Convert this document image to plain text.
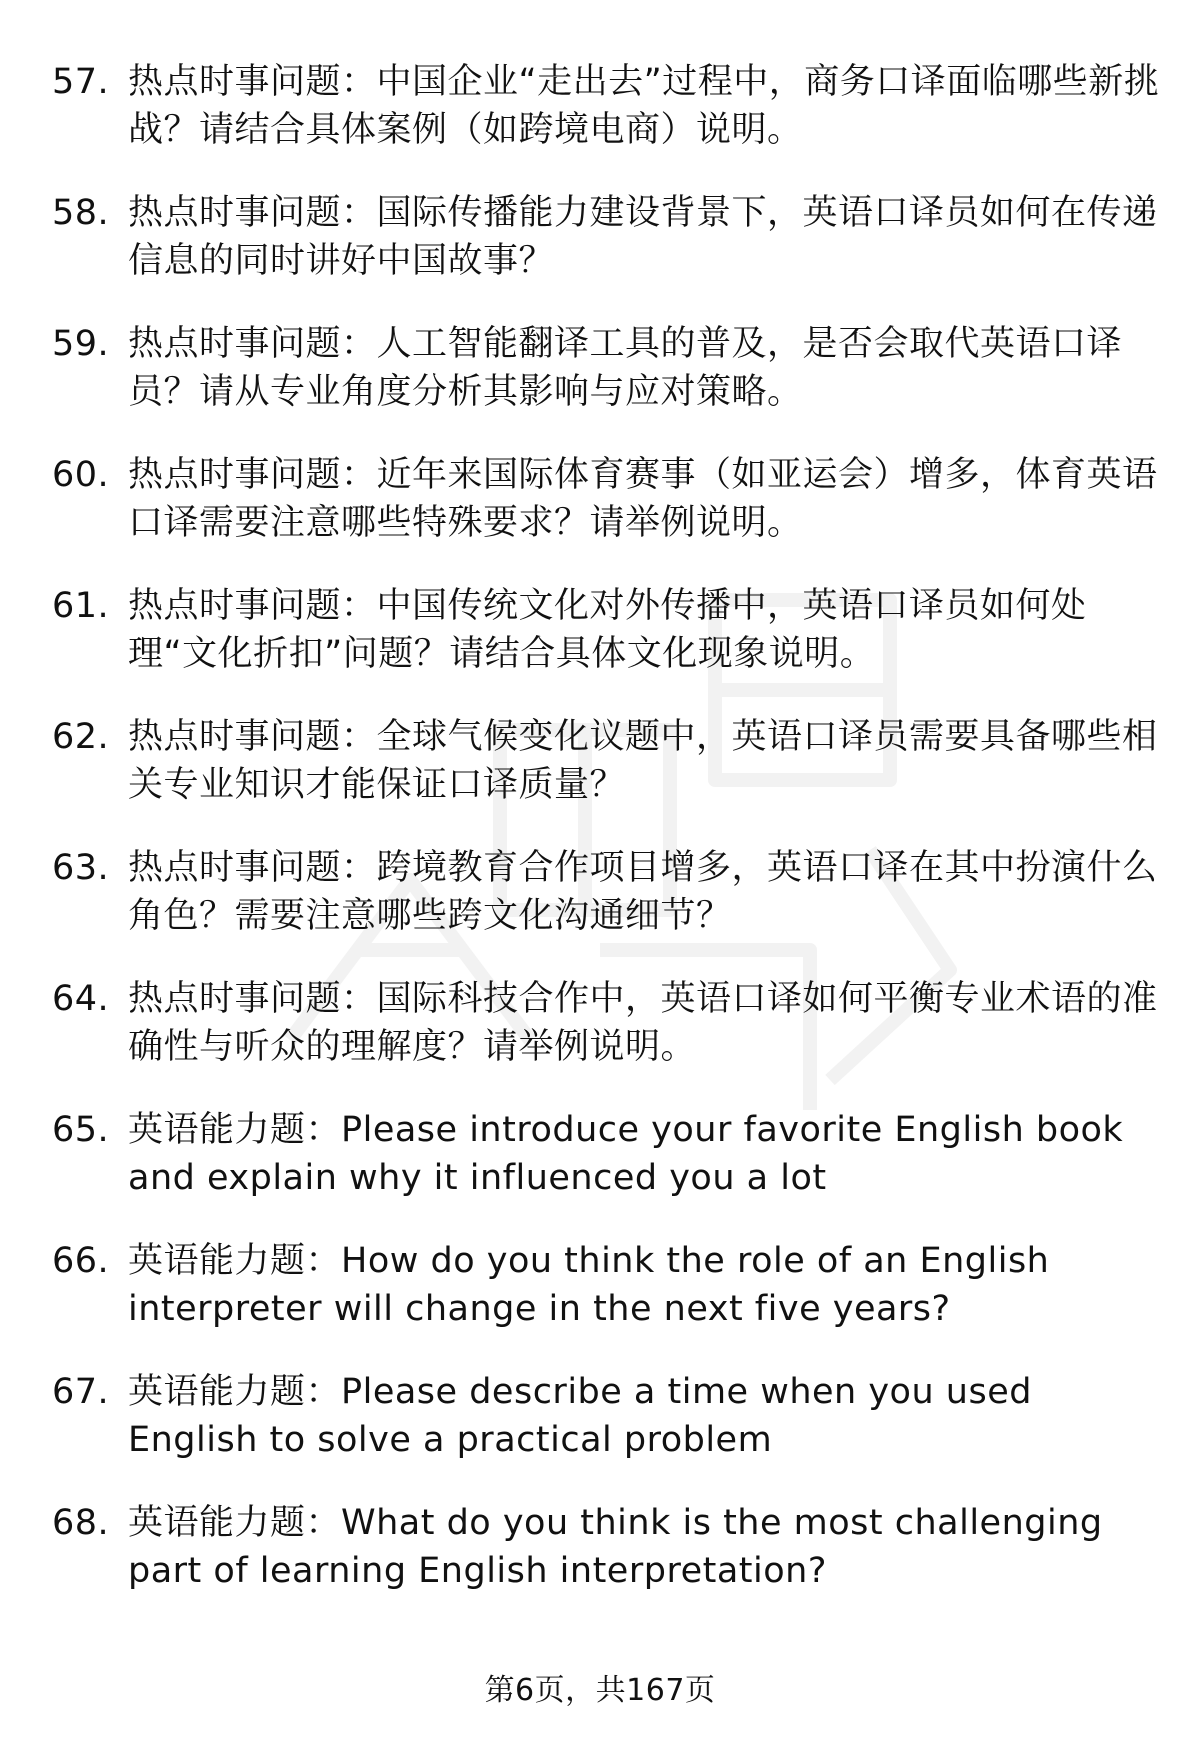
57. 热点时事问题：中国企业“走出去”过程中，商务口译面临哪些新挑战？请结合具体案例（如跨境电商）说明。
58. 热点时事问题：国际传播能力建设背景下，英语口译员如何在传递信息的同时讲好中国故事？
59. 热点时事问题：人工智能翻译工具的普及，是否会取代英语口译员？请从专业角度分析其影响与应对策略。
60. 热点时事问题：近年来国际体育赛事（如亚运会）增多，体育英语口译需要注意哪些特殊要求？请举例说明。
61. 热点时事问题：中国传统文化对外传播中，英语口译员如何处理“文化折扣”问题？请结合具体文化现象说明。
62. 热点时事问题：全球气候变化议题中，英语口译员需要具备哪些相关专业知识才能保证口译质量？
63. 热点时事问题：跨境教育合作项目增多，英语口译在其中扮演什么角色？需要注意哪些跨文化沟通细节？
64. 热点时事问题：国际科技合作中，英语口译如何平衡专业术语的准确性与听众的理解度？请举例说明。
65. 英语能力题：Please introduce your favorite English book and explain why it influenced you a lot
66. 英语能力题：How do you think the role of an English interpreter will change in the next five years?
67. 英语能力题：Please describe a time when you used English to solve a practical problem
68. 英语能力题：What do you think is the most challenging part of learning English interpretation?
第6页，共167页
